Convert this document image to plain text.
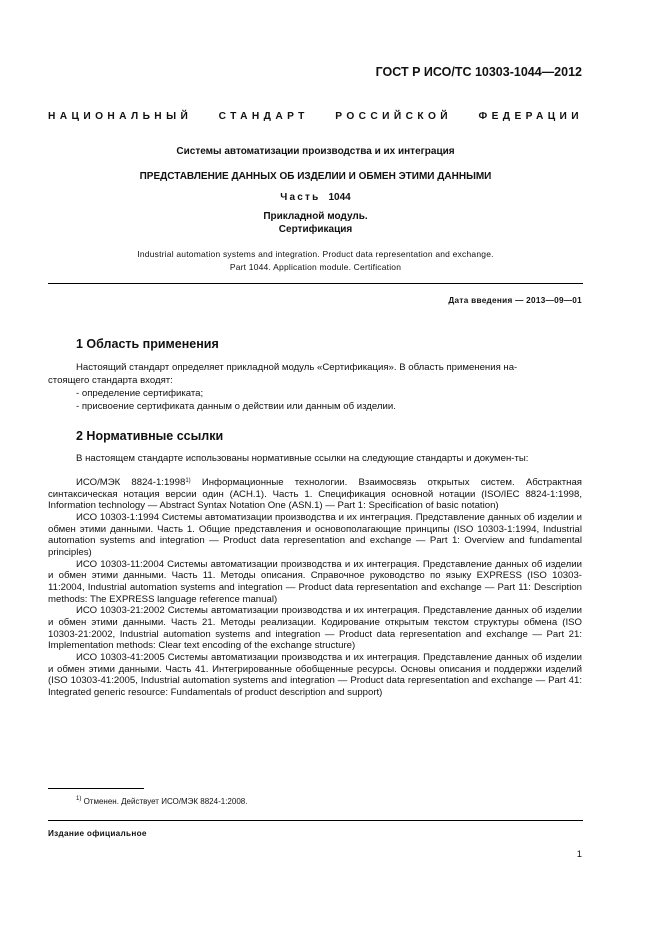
ГОСТ Р ИСО/ТС 10303-1044—2012
НАЦИОНАЛЬНЫЙ СТАНДАРТ РОССИЙСКОЙ ФЕДЕРАЦИИ
Системы автоматизации производства и их интеграция
ПРЕДСТАВЛЕНИЕ ДАННЫХ ОБ ИЗДЕЛИИ И ОБМЕН ЭТИМИ ДАННЫМИ
Часть 1044
Прикладной модуль.
Сертификация
Industrial automation systems and integration. Product data representation and exchange.
Part 1044. Application module. Certification
Дата введения — 2013—09—01
1 Область применения

Настоящий стандарт определяет прикладной модуль «Сертификация». В область применения на-

стоящего стандарта входят:

- определение сертификата;
- присвоение сертификата данным о действии или данным об изделии.
2 Нормативные ссылки

В настоящем стандарте использованы нормативные ссылки на следующие стандарты и докумен-ты:

ИСО/МЭК 8824-1:1998$^{1)}$ Информационные технологии. Взаимосвязь открытых систем. Абстрактная синтаксическая нотация версии один (АСН.1). Часть 1. Спецификация основной нотации (ISO/IEC 8824-1:1998, Information technology — Abstract Syntax Notation One (ASN.1) — Part 1: Specification of basic notation)

ИСО 10303-1:1994 Системы автоматизации производства и их интеграция. Представление данных об изделии и обмен этими данными. Часть 1. Общие представления и основополагающие принципы (ISO 10303-1:1994, Industrial automation systems and integration — Product data representation and exchange — Part 1: Overview and fundamental principles)

ИСО 10303-11:2004 Системы автоматизации производства и их интеграция. Представление данных об изделии и обмен этими данными. Часть 11. Методы описания. Справочное руководство по языку EXPRESS (ISO 10303-11:2004, Industrial automation systems and integration — Product data representation and exchange — Part 11: Description methods: The EXPRESS language reference manual)

ИСО 10303-21:2002 Системы автоматизации производства и их интеграция. Представление данных об изделии и обмен этими данными. Часть 21. Методы реализации. Кодирование открытым текстом структуры обмена (ISO 10303-21:2002, Industrial automation systems and integration — Product data representation and exchange — Part 21: Implementation methods: Clear text encoding of the exchange structure)

ИСО 10303-41:2005 Системы автоматизации производства и их интеграция. Представление данных об изделии и обмен этими данными. Часть 41. Интегрированные обобщенные ресурсы. Основы описания и поддержки изделий (ISO 10303-41:2005, Industrial automation systems and integration — Product data representation and exchange — Part 41: Integrated generic resource: Fundamentals of product description and support)

$^{1)}$ Отменен. Действует ИСО/МЭК 8824-1:2008.
Издание официальное
1
